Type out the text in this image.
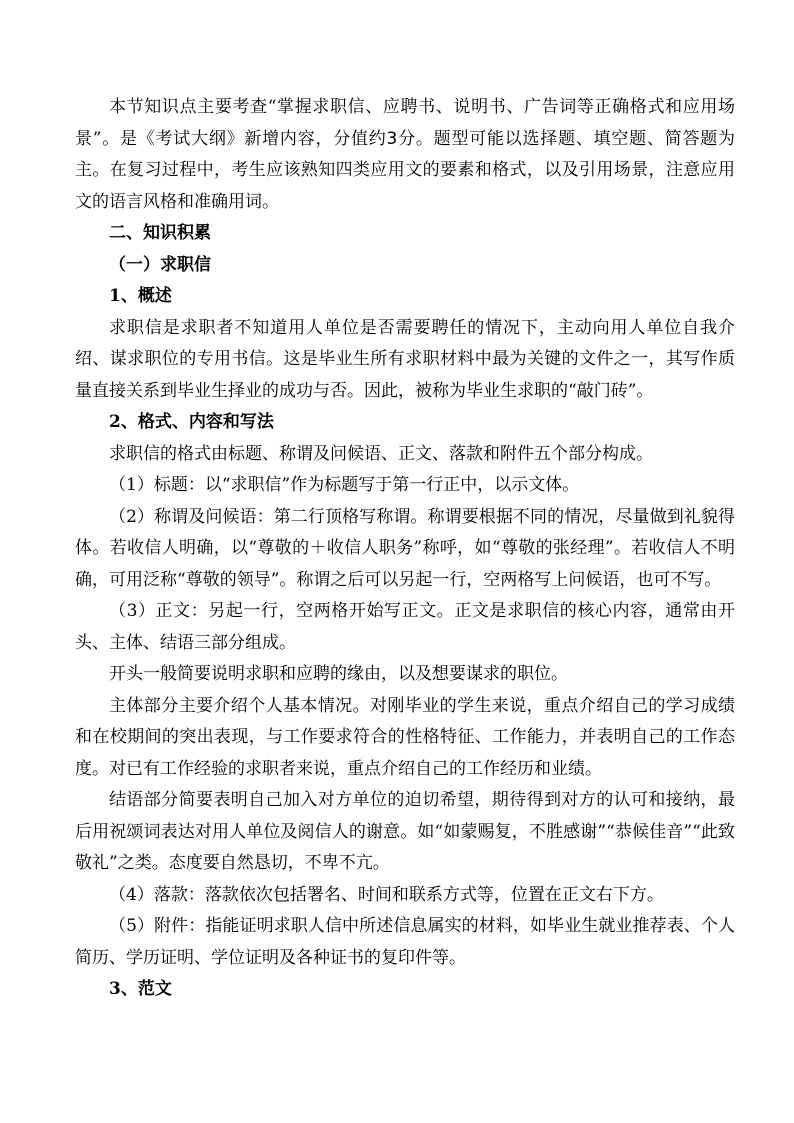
本节知识点主要考查“掌握求职信、应聘书、说明书、广告词等正确格式和应用场景”。是《考试大纲》新增内容，分值约3分。题型可能以选择题、填空题、简答题为主。在复习过程中，考生应该熟知四类应用文的要素和格式，以及引用场景，注意应用文的语言风格和准确用词。

二、知识积累

（一）求职信

1、概述

求职信是求职者不知道用人单位是否需要聘任的情况下，主动向用人单位自我介绍、谋求职位的专用书信。这是毕业生所有求职材料中最为关键的文件之一，其写作质量直接关系到毕业生择业的成功与否。因此，被称为毕业生求职的“敲门砖”。

2、格式、内容和写法

求职信的格式由标题、称谓及问候语、正文、落款和附件五个部分构成。

（1）标题：以“求职信”作为标题写于第一行正中，以示文体。

（2）称谓及问候语：第二行顶格写称谓。称谓要根据不同的情况，尽量做到礼貌得体。若收信人明确，以“尊敬的＋收信人职务”称呼，如“尊敬的张经理”。若收信人不明确，可用泛称“尊敬的领导”。称谓之后可以另起一行，空两格写上问候语，也可不写。

（3）正文：另起一行，空两格开始写正文。正文是求职信的核心内容，通常由开头、主体、结语三部分组成。

开头一般简要说明求职和应聘的缘由，以及想要谋求的职位。

主体部分主要介绍个人基本情况。对刚毕业的学生来说，重点介绍自己的学习成绩和在校期间的突出表现，与工作要求符合的性格特征、工作能力，并表明自己的工作态度。对已有工作经验的求职者来说，重点介绍自己的工作经历和业绩。

结语部分简要表明自己加入对方单位的迫切希望，期待得到对方的认可和接纳，最后用祝颂词表达对用人单位及阅信人的谢意。如“如蒙赐复，不胜感谢”“恭候佳音”“此致敬礼”之类。态度要自然恳切，不卑不亢。

（4）落款：落款依次包括署名、时间和联系方式等，位置在正文右下方。

（5）附件：指能证明求职人信中所述信息属实的材料，如毕业生就业推荐表、个人简历、学历证明、学位证明及各种证书的复印件等。

3、范文
